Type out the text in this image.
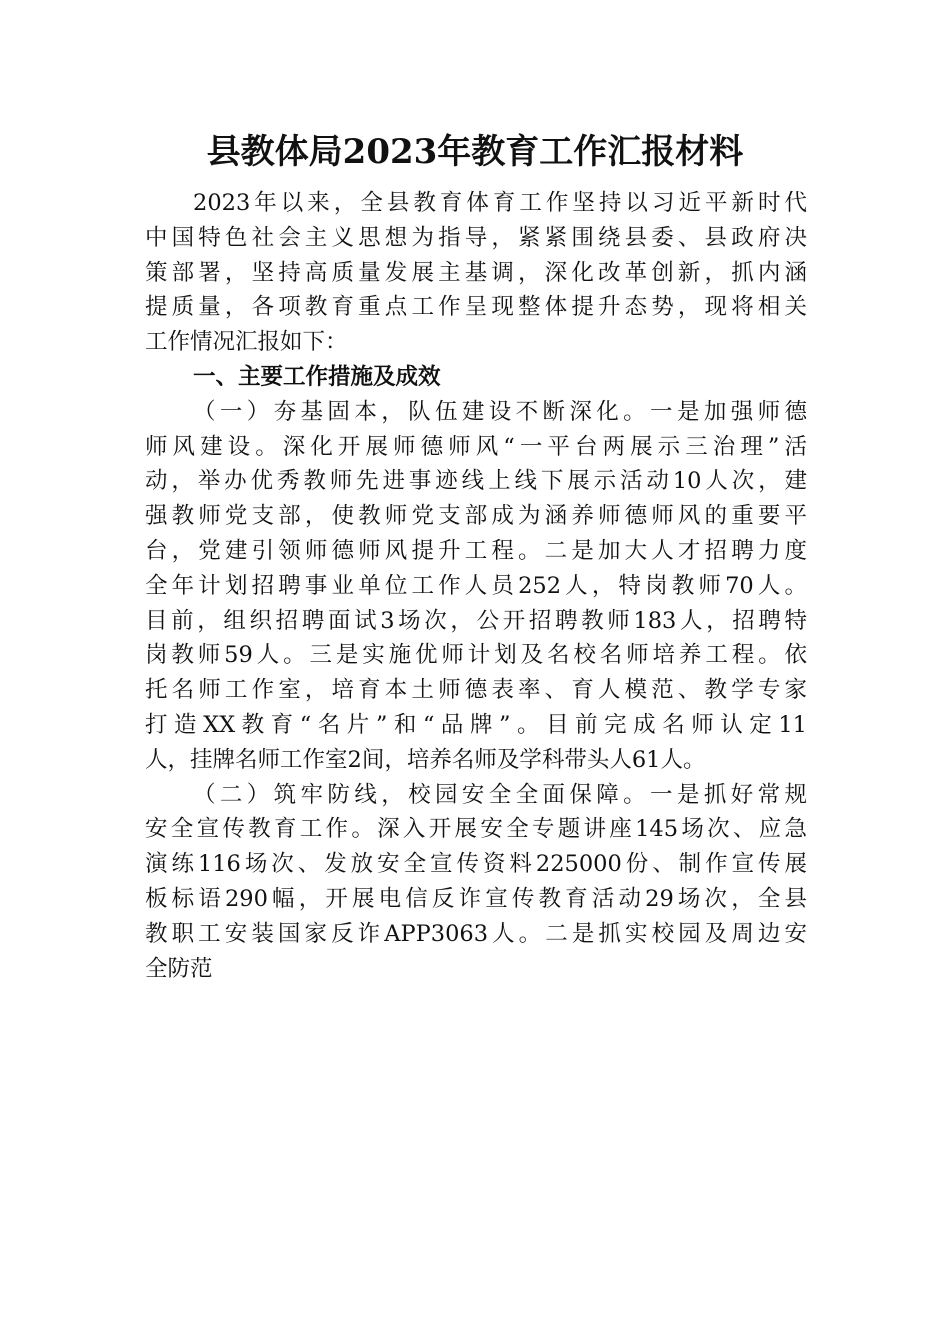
县教体局2023年教育工作汇报材料
2023年以来，全县教育体育工作坚持以习近平新时代
中国特色社会主义思想为指导，紧紧围绕县委、县政府决
策部署，坚持高质量发展主基调，深化改革创新，抓内涵
提质量，各项教育重点工作呈现整体提升态势，现将相关
工作情况汇报如下：
一、主要工作措施及成效
（一）夯基固本，队伍建设不断深化。一是加强师德
师风建设。深化开展师德师风“一平台两展示三治理”活
动，举办优秀教师先进事迹线上线下展示活动10人次，建
强教师党支部，使教师党支部成为涵养师德师风的重要平
台，党建引领师德师风提升工程。二是加大人才招聘力度
全年计划招聘事业单位工作人员252人，特岗教师70人。
目前，组织招聘面试3场次，公开招聘教师183人，招聘特
岗教师59人。三是实施优师计划及名校名师培养工程。依
托名师工作室，培育本土师德表率、育人模范、教学专家
打造XX教育“名片”和“品牌”。目前完成名师认定11
人，挂牌名师工作室2间，培养名师及学科带头人61人。
（二）筑牢防线，校园安全全面保障。一是抓好常规
安全宣传教育工作。深入开展安全专题讲座145场次、应急
演练116场次、发放安全宣传资料225000份、制作宣传展
板标语290幅，开展电信反诈宣传教育活动29场次，全县
教职工安装国家反诈APP3063人。二是抓实校园及周边安
全防范
